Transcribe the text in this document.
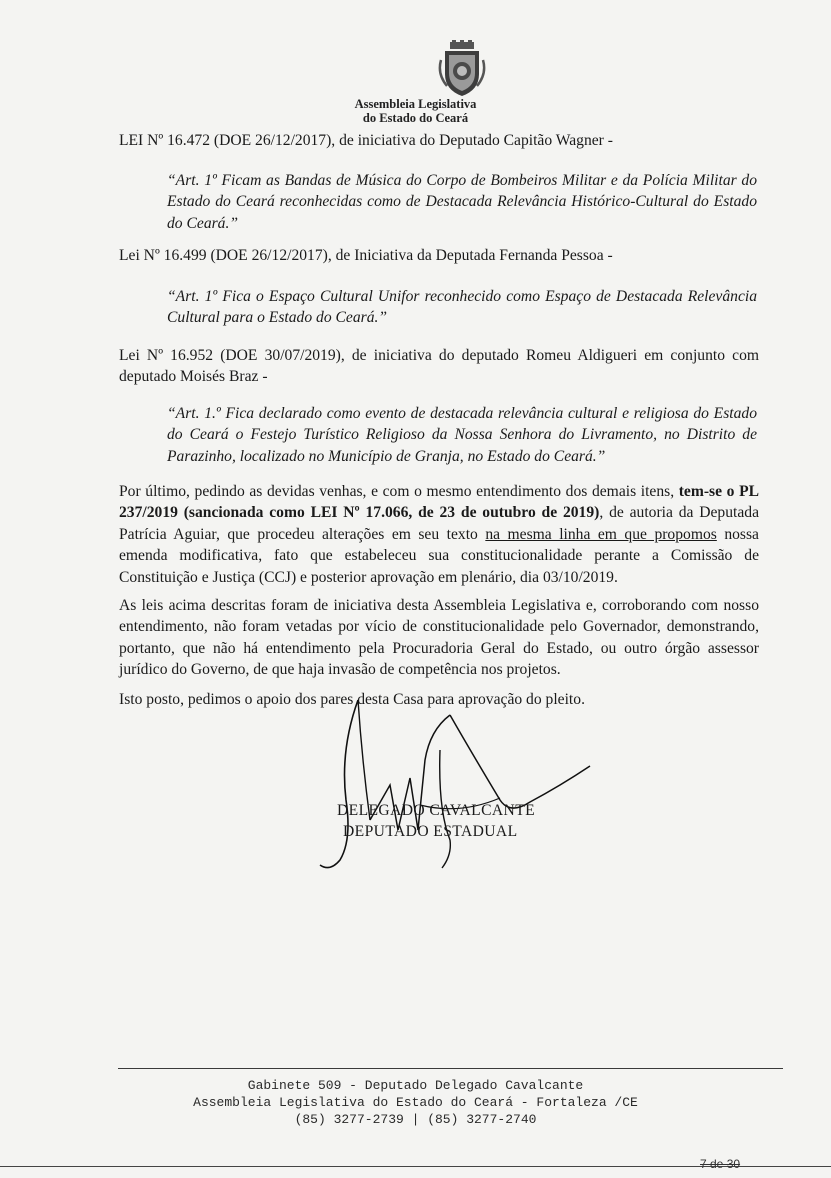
Assembleia Legislativa
do Estado do Ceará

LEI Nº 16.472 (DOE 26/12/2017), de iniciativa do Deputado Capitão Wagner -

“Art. 1º Ficam as Bandas de Música do Corpo de Bombeiros Militar e da Polícia Militar do Estado do Ceará reconhecidas como de Destacada Relevância Histórico-Cultural do Estado do Ceará.”

Lei Nº 16.499 (DOE 26/12/2017), de Iniciativa da Deputada Fernanda Pessoa -

“Art. 1º Fica o Espaço Cultural Unifor reconhecido como Espaço de Destacada Relevância Cultural para o Estado do Ceará.”

Lei Nº 16.952 (DOE 30/07/2019), de iniciativa do deputado Romeu Aldigueri em conjunto com deputado Moisés Braz -

“Art. 1.º Fica declarado como evento de destacada relevância cultural e religiosa do Estado do Ceará o Festejo Turístico Religioso da Nossa Senhora do Livramento, no Distrito de Parazinho, localizado no Município de Granja, no Estado do Ceará.”

Por último, pedindo as devidas venhas, e com o mesmo entendimento dos demais itens, tem-se o PL 237/2019 (sancionada como LEI Nº 17.066, de 23 de outubro de 2019), de autoria da Deputada Patrícia Aguiar, que procedeu alterações em seu texto na mesma linha em que propomos nossa emenda modificativa, fato que estabeleceu sua constitucionalidade perante a Comissão de Constituição e Justiça (CCJ) e posterior aprovação em plenário, dia 03/10/2019.

As leis acima descritas foram de iniciativa desta Assembleia Legislativa e, corroborando com nosso entendimento, não foram vetadas por vício de constitucionalidade pelo Governador, demonstrando, portanto, que não há entendimento pela Procuradoria Geral do Estado, ou outro órgão assessor jurídico do Governo, de que haja invasão de competência nos projetos.

Isto posto, pedimos o apoio dos pares desta Casa para aprovação do pleito.

DELEGADO CAVALCANTE
DEPUTADO ESTADUAL
Gabinete 509 - Deputado Delegado Cavalcante
Assembleia Legislativa do Estado do Ceará - Fortaleza /CE
(85) 3277-2739 | (85) 3277-2740
7 de 30
